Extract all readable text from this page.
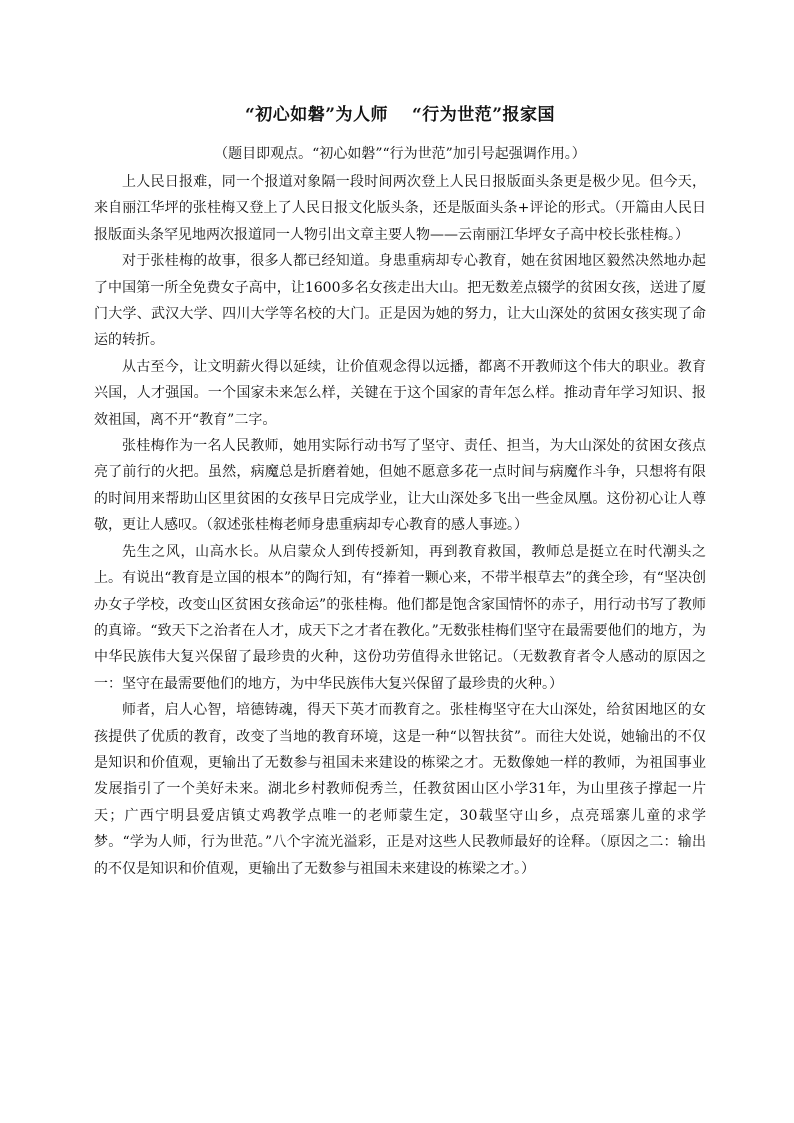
“初心如磐”为人师　 “行为世范”报家国

（题目即观点。“初心如磐”“行为世范”加引号起强调作用。）

上人民日报难，同一个报道对象隔一段时间两次登上人民日报版面头条更是极少见。但今天，来自丽江华坪的张桂梅又登上了人民日报文化版头条，还是版面头条+评论的形式。（开篇由人民日报版面头条罕见地两次报道同一人物引出文章主要人物——云南丽江华坪女子高中校长张桂梅。）

对于张桂梅的故事，很多人都已经知道。身患重病却专心教育，她在贫困地区毅然决然地办起了中国第一所全免费女子高中，让1600多名女孩走出大山。把无数差点辍学的贫困女孩，送进了厦门大学、武汉大学、四川大学等名校的大门。正是因为她的努力，让大山深处的贫困女孩实现了命运的转折。

从古至今，让文明薪火得以延续，让价值观念得以远播，都离不开教师这个伟大的职业。教育兴国，人才强国。一个国家未来怎么样，关键在于这个国家的青年怎么样。推动青年学习知识、报效祖国，离不开“教育”二字。

张桂梅作为一名人民教师，她用实际行动书写了坚守、责任、担当，为大山深处的贫困女孩点亮了前行的火把。虽然，病魔总是折磨着她，但她不愿意多花一点时间与病魔作斗争，只想将有限的时间用来帮助山区里贫困的女孩早日完成学业，让大山深处多飞出一些金凤凰。这份初心让人尊敬，更让人感叹。（叙述张桂梅老师身患重病却专心教育的感人事迹。）

先生之风，山高水长。从启蒙众人到传授新知，再到教育救国，教师总是挺立在时代潮头之上。有说出“教育是立国的根本”的陶行知，有“捧着一颗心来，不带半根草去”的龚全珍，有“坚决创办女子学校，改变山区贫困女孩命运”的张桂梅。他们都是饱含家国情怀的赤子，用行动书写了教师的真谛。“致天下之治者在人才，成天下之才者在教化。”无数张桂梅们坚守在最需要他们的地方，为中华民族伟大复兴保留了最珍贵的火种，这份功劳值得永世铭记。（无数教育者令人感动的原因之一：坚守在最需要他们的地方，为中华民族伟大复兴保留了最珍贵的火种。）

师者，启人心智，培德铸魂，得天下英才而教育之。张桂梅坚守在大山深处，给贫困地区的女孩提供了优质的教育，改变了当地的教育环境，这是一种“以智扶贫”。而往大处说，她输出的不仅是知识和价值观，更输出了无数参与祖国未来建设的栋梁之才。无数像她一样的教师，为祖国事业发展指引了一个美好未来。湖北乡村教师倪秀兰，任教贫困山区小学31年，为山里孩子撑起一片天；广西宁明县爱店镇丈鸡教学点唯一的老师蒙生定，30载坚守山乡，点亮瑶寨儿童的求学梦。“学为人师，行为世范。”八个字流光溢彩，正是对这些人民教师最好的诠释。（原因之二：输出的不仅是知识和价值观，更输出了无数参与祖国未来建设的栋梁之才。）
